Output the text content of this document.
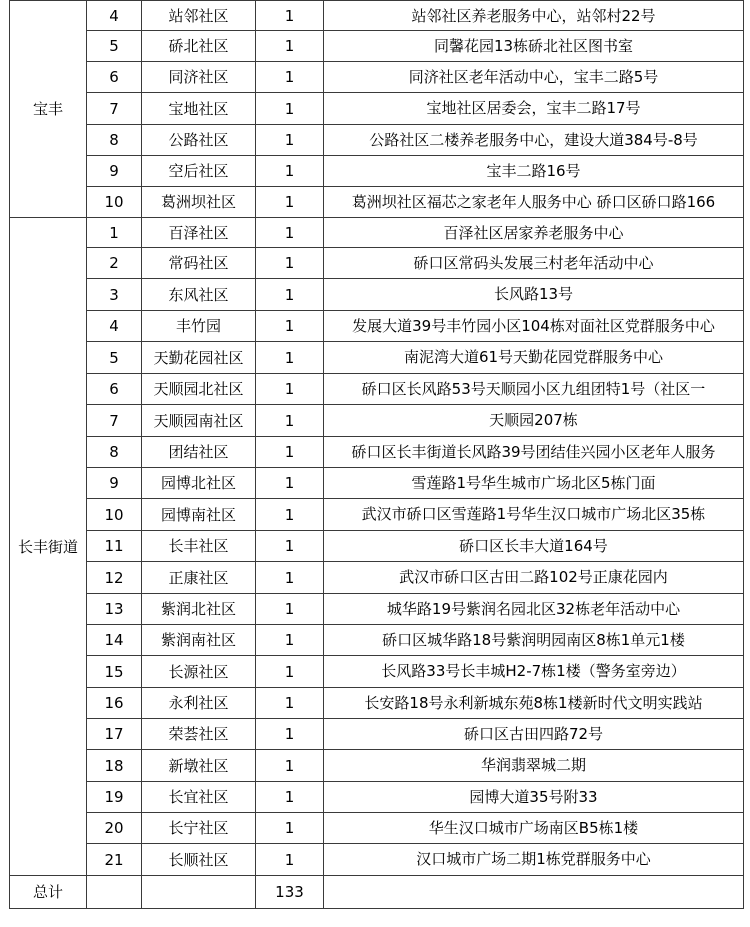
宝丰	4	站邻社区	1	站邻社区养老服务中心，站邻村22号

	5	硚北社区	1	同馨花园13栋硚北社区图书室

	6	同济社区	1	同济社区老年活动中心，宝丰二路5号

	7	宝地社区	1	宝地社区居委会，宝丰二路17号

	8	公路社区	1	公路社区二楼养老服务中心，建设大道384号-8号

	9	空后社区	1	宝丰二路16号

	10	葛洲坝社区	1	葛洲坝社区福芯之家老年人服务中心 硚口区硚口路166

长丰街道	1	百泽社区	1	百泽社区居家养老服务中心

	2	常码社区	1	硚口区常码头发展三村老年活动中心

	3	东风社区	1	长风路13号

	4	丰竹园	1	发展大道39号丰竹园小区104栋对面社区党群服务中心

	5	天勤花园社区	1	南泥湾大道61号天勤花园党群服务中心

	6	天顺园北社区	1	硚口区长风路53号天顺园小区九组团特1号（社区一

	7	天顺园南社区	1	天顺园207栋

	8	团结社区	1	硚口区长丰街道长风路39号团结佳兴园小区老年人服务

	9	园博北社区	1	雪莲路1号华生城市广场北区5栋门面

	10	园博南社区	1	武汉市硚口区雪莲路1号华生汉口城市广场北区35栋

	11	长丰社区	1	硚口区长丰大道164号

	12	正康社区	1	武汉市硚口区古田二路102号正康花园内

	13	紫润北社区	1	城华路19号紫润名园北区32栋老年活动中心

	14	紫润南社区	1	硚口区城华路18号紫润明园南区8栋1单元1楼

	15	长源社区	1	长风路33号长丰城H2-7栋1楼（警务室旁边）

	16	永利社区	1	长安路18号永利新城东苑8栋1楼新时代文明实践站

	17	荣荟社区	1	硚口区古田四路72号

	18	新墩社区	1	华润翡翠城二期

	19	长宜社区	1	园博大道35号附33

	20	长宁社区	1	华生汉口城市广场南区B5栋1楼

	21	长顺社区	1	汉口城市广场二期1栋党群服务中心

总计			133	
